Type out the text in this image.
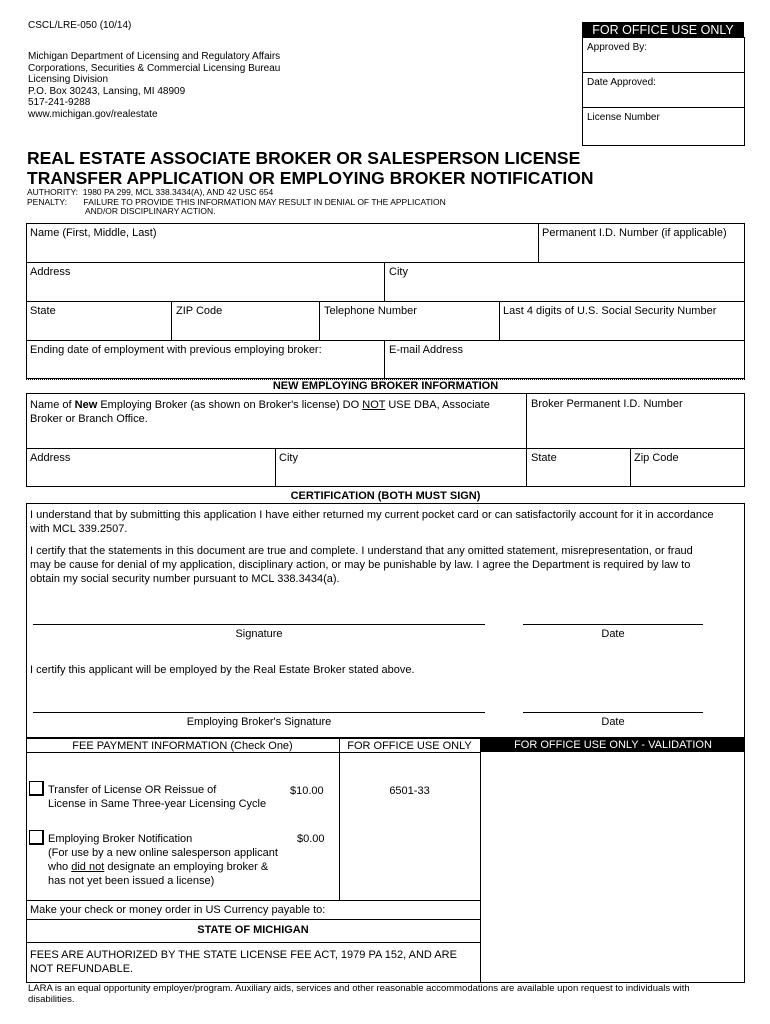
CSCL/LRE-050 (10/14)
Michigan Department of Licensing and Regulatory Affairs
Corporations, Securities & Commercial Licensing Bureau
Licensing Division
P.O. Box 30243, Lansing, MI 48909
517-241-9288
www.michigan.gov/realestate
FOR OFFICE USE ONLY
Approved By:
Date Approved:
License Number
REAL ESTATE ASSOCIATE BROKER OR SALESPERSON LICENSE
TRANSFER APPLICATION OR EMPLOYING BROKER NOTIFICATION
AUTHORITY: 1980 PA 299, MCL 338.3434(A), AND 42 USC 654
PENALTY: FAILURE TO PROVIDE THIS INFORMATION MAY RESULT IN DENIAL OF THE APPLICATION
AND/OR DISCIPLINARY ACTION.
Name (First, Middle, Last)	Permanent I.D. Number (if applicable)
Address	City
State	ZIP Code	Telephone Number	Last 4 digits of U.S. Social Security Number
Ending date of employment with previous employing broker:	E-mail Address
NEW EMPLOYING BROKER INFORMATION
Name of New Employing Broker (as shown on Broker's license) DO NOT USE DBA, Associate
Broker or Branch Office.
Broker Permanent I.D. Number
Address	City	State	Zip Code
CERTIFICATION (BOTH MUST SIGN)
I understand that by submitting this application I have either returned my current pocket card or can satisfactorily account for it in accordance
with MCL 339.2507.
I certify that the statements in this document are true and complete. I understand that any omitted statement, misrepresentation, or fraud
may be cause for denial of my application, disciplinary action, or may be punishable by law. I agree the Department is required by law to
obtain my social security number pursuant to MCL 338.3434(a).
Signature	Date
I certify this applicant will be employed by the Real Estate Broker stated above.
Employing Broker's Signature	Date
FEE PAYMENT INFORMATION (Check One)	FOR OFFICE USE ONLY	FOR OFFICE USE ONLY - VALIDATION
Transfer of License OR Reissue of
License in Same Three-year Licensing Cycle
$10.00	6501-33
Employing Broker Notification
(For use by a new online salesperson applicant
who did not designate an employing broker &
has not yet been issued a license)
$0.00
Make your check or money order in US Currency payable to:
STATE OF MICHIGAN
FEES ARE AUTHORIZED BY THE STATE LICENSE FEE ACT, 1979 PA 152, AND ARE
NOT REFUNDABLE.
LARA is an equal opportunity employer/program. Auxiliary aids, services and other reasonable accommodations are available upon request to individuals with
disabilities.
